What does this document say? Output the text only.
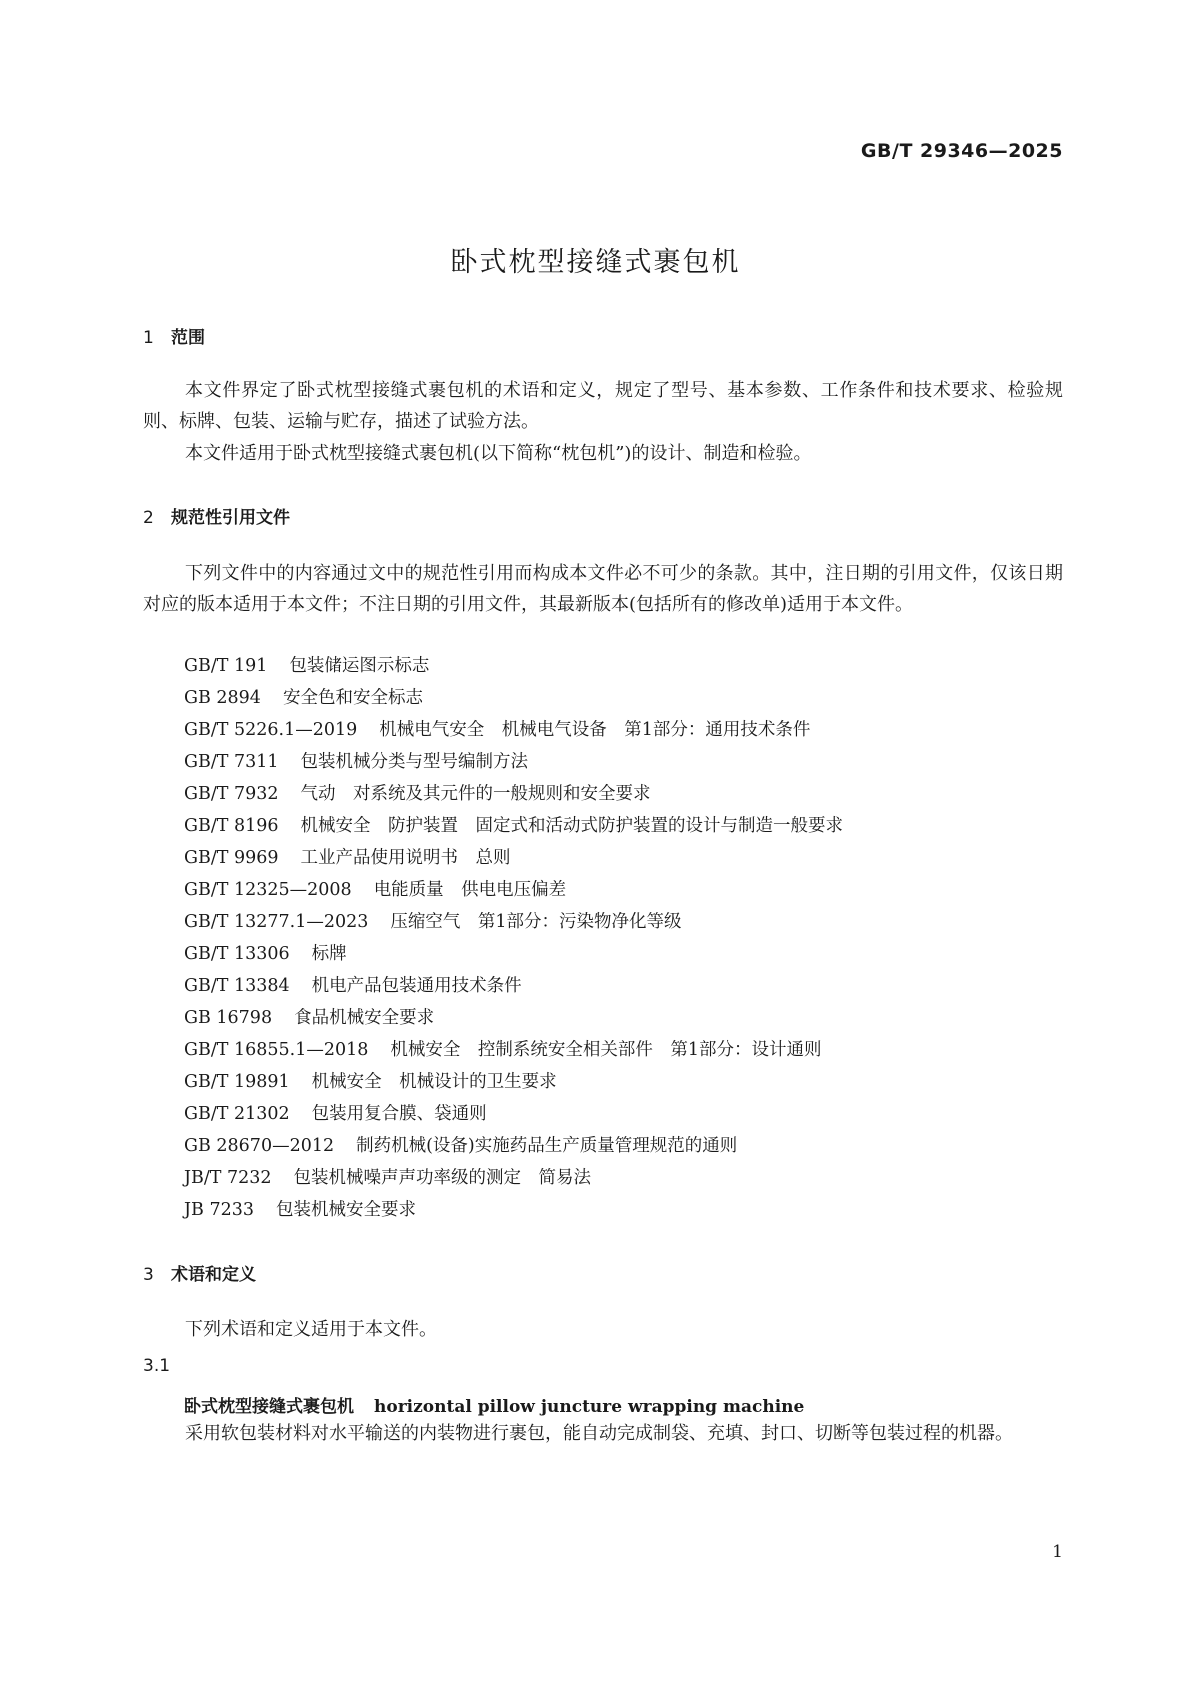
GB/T 29346—2025
卧式枕型接缝式裹包机
1 范围
本文件界定了卧式枕型接缝式裹包机的术语和定义，规定了型号、基本参数、工作条件和技术要求、检验规则、标牌、包装、运输与贮存，描述了试验方法。
本文件适用于卧式枕型接缝式裹包机(以下简称“枕包机”)的设计、制造和检验。
2 规范性引用文件
下列文件中的内容通过文中的规范性引用而构成本文件必不可少的条款。其中，注日期的引用文件，仅该日期对应的版本适用于本文件；不注日期的引用文件，其最新版本(包括所有的修改单)适用于本文件。
GB/T 191 包装储运图示标志
GB 2894 安全色和安全标志
GB/T 5226.1—2019 机械电气安全　机械电气设备　第1部分：通用技术条件
GB/T 7311 包装机械分类与型号编制方法
GB/T 7932 气动　对系统及其元件的一般规则和安全要求
GB/T 8196 机械安全　防护装置　固定式和活动式防护装置的设计与制造一般要求
GB/T 9969 工业产品使用说明书　总则
GB/T 12325—2008 电能质量　供电电压偏差
GB/T 13277.1—2023 压缩空气　第1部分：污染物净化等级
GB/T 13306 标牌
GB/T 13384 机电产品包装通用技术条件
GB 16798 食品机械安全要求
GB/T 16855.1—2018 机械安全　控制系统安全相关部件　第1部分：设计通则
GB/T 19891 机械安全　机械设计的卫生要求
GB/T 21302 包装用复合膜、袋通则
GB 28670—2012 制药机械(设备)实施药品生产质量管理规范的通则
JB/T 7232 包装机械噪声声功率级的测定　简易法
JB 7233 包装机械安全要求
3 术语和定义
下列术语和定义适用于本文件。
3.1
卧式枕型接缝式裹包机 horizontal pillow juncture wrapping machine
采用软包装材料对水平输送的内装物进行裹包，能自动完成制袋、充填、封口、切断等包装过程的机器。
1
